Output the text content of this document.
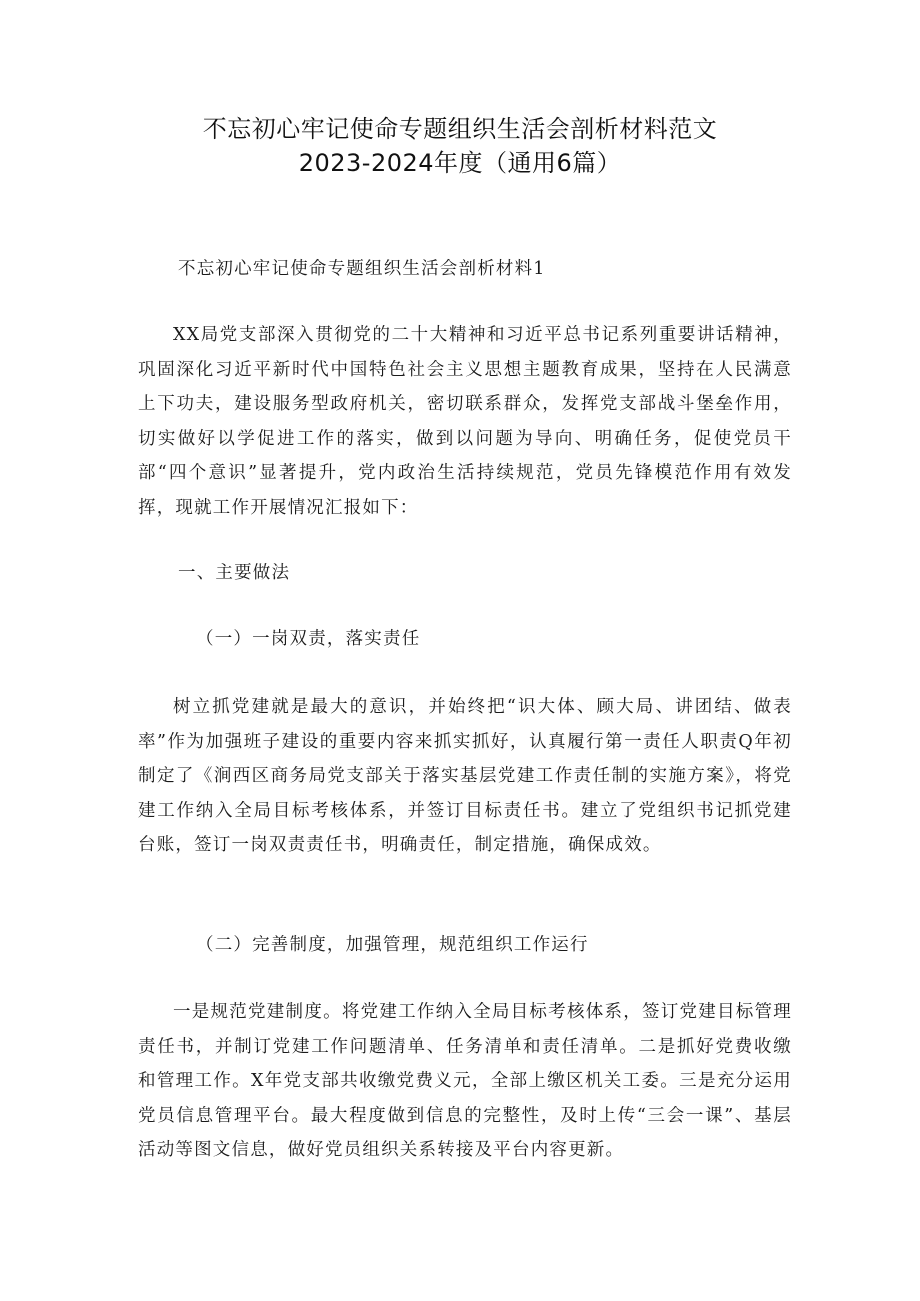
不忘初心牢记使命专题组织生活会剖析材料范文
2023-2024年度（通用6篇）

不忘初心牢记使命专题组织生活会剖析材料1

XX局党支部深入贯彻党的二十大精神和习近平总书记系列重要讲话精神，巩固深化习近平新时代中国特色社会主义思想主题教育成果，坚持在人民满意上下功夫，建设服务型政府机关，密切联系群众，发挥党支部战斗堡垒作用，切实做好以学促进工作的落实，做到以问题为导向、明确任务，促使党员干部“四个意识”显著提升，党内政治生活持续规范，党员先锋模范作用有效发挥，现就工作开展情况汇报如下：

一、主要做法

（一）一岗双责，落实责任

树立抓党建就是最大的意识，并始终把“识大体、顾大局、讲团结、做表率”作为加强班子建设的重要内容来抓实抓好，认真履行第一责任人职责Q年初制定了《涧西区商务局党支部关于落实基层党建工作责任制的实施方案》，将党建工作纳入全局目标考核体系，并签订目标责任书。建立了党组织书记抓党建台账，签订一岗双责责任书，明确责任，制定措施，确保成效。

（二）完善制度，加强管理，规范组织工作运行

一是规范党建制度。将党建工作纳入全局目标考核体系，签订党建目标管理责任书，并制订党建工作问题清单、任务清单和责任清单。二是抓好党费收缴和管理工作。X年党支部共收缴党费义元，全部上缴区机关工委。三是充分运用党员信息管理平台。最大程度做到信息的完整性，及时上传“三会一课”、基层活动等图文信息，做好党员组织关系转接及平台内容更新。
